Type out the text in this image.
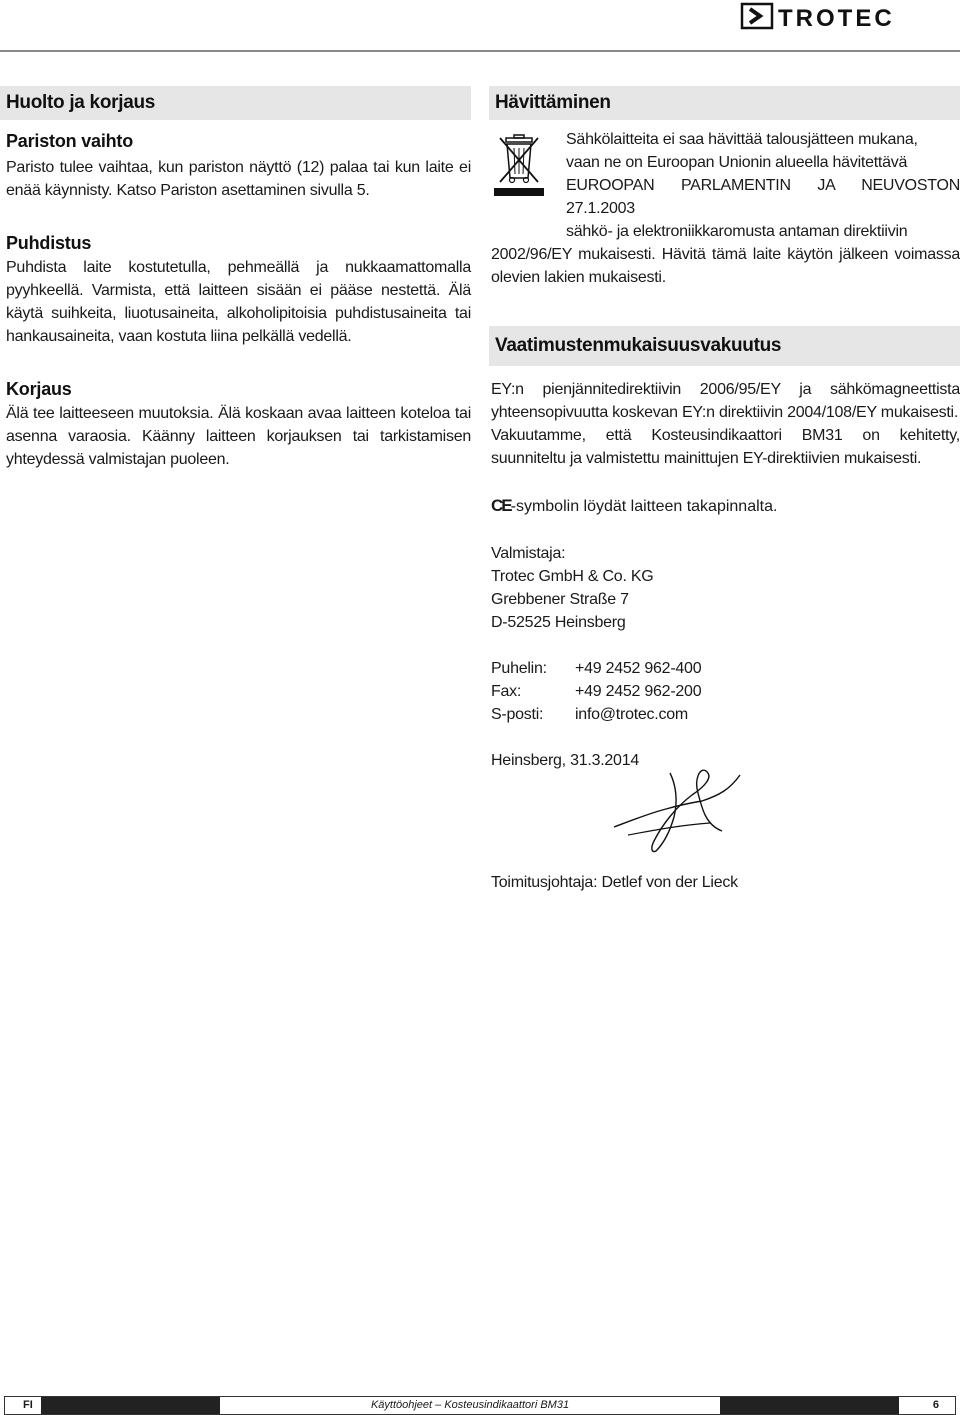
TROTEC
Huolto ja korjaus
Pariston vaihto

Paristo tulee vaihtaa, kun pariston näyttö (12) palaa tai kun laite ei enää käynnisty. Katso Pariston asettaminen sivulla 5.

Puhdistus

Puhdista laite kostutetulla, pehmeällä ja nukkaamattomalla pyyhkeellä. Varmista, että laitteen sisään ei pääse nestettä. Älä käytä suihkeita, liuotusaineita, alkoholipitoisia puhdistusaineita tai hankausaineita, vaan kostuta liina pelkällä vedellä.

Korjaus

Älä tee laitteeseen muutoksia. Älä koskaan avaa laitteen koteloa tai asenna varaosia. Käänny laitteen korjauksen tai tarkistamisen yhteydessä valmistajan puoleen.

Hävittäminen

Sähkölaitteita ei saa hävittää talousjätteen mukana,

vaan ne on Euroopan Unionin alueella hävitettävä

EUROOPAN PARLAMENTIN JA NEUVOSTON 27.1.2003

sähkö- ja elektroniikkaromusta antaman direktiivin

2002/96/EY mukaisesti. Hävitä tämä laite käytön jälkeen voimassa olevien lakien mukaisesti.

Vaatimustenmukaisuusvakuutus

EY:n pienjännitedirektiivin 2006/95/EY ja sähkömagneettista yhteensopivuutta koskevan EY:n direktiivin 2004/108/EY mukaisesti.

Vakuutamme, että Kosteusindikaattori BM31 on kehitetty, suunniteltu ja valmistettu mainittujen EY-direktiivien mukaisesti.

CE-symbolin löydät laitteen takapinnalta.

Valmistaja:

Trotec GmbH & Co. KG

Grebbener Straße 7

D-52525 Heinsberg

Puhelin:	+49 2452 962-400
Fax:	+49 2452 962-200
S-posti:	info@trotec.com

Heinsberg, 31.3.2014

Toimitusjohtaja: Detlef von der Lieck

FI	Käyttöohjeet – Kosteusindikaattori BM31	6
